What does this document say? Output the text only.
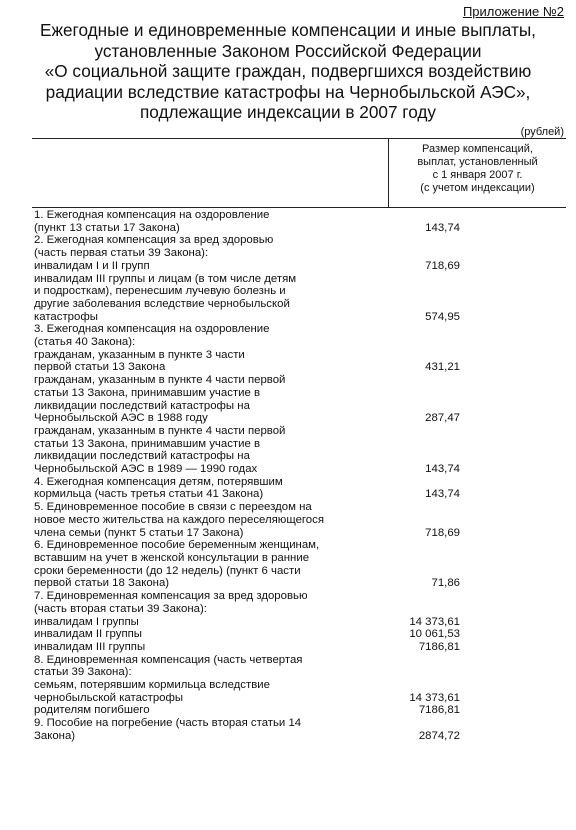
Приложение №2
Ежегодные и единовременные компенсации и иные выплаты,
установленные Законом Российской Федерации
«О социальной защите граждан, подвергшихся воздействию
радиации вследствие катастрофы на Чернобыльской АЭС»,
подлежащие индексации в 2007 году
(рублей)
Размер компенсаций,
выплат, установленный
с 1 января 2007 г.
(с учетом индексации)
1. Ежегодная компенсация на оздоровление
(пункт 13 статьи 17 Закона)	143,74
2. Ежегодная компенсация за вред здоровью
(часть первая статьи 39 Закона):
инвалидам I и II групп	718,69
инвалидам III группы и лицам (в том числе детям
и подросткам), перенесшим лучевую болезнь и
другие заболевания вследствие чернобыльской
катастрофы	574,95
3. Ежегодная компенсация на оздоровление
(статья 40 Закона):
гражданам, указанным в пункте 3 части
первой статьи 13 Закона	431,21
гражданам, указанным в пункте 4 части первой
статьи 13 Закона, принимавшим участие в
ликвидации последствий катастрофы на
Чернобыльской АЭС в 1988 году	287,47
гражданам, указанным в пункте 4 части первой
статьи 13 Закона, принимавшим участие в
ликвидации последствий катастрофы на
Чернобыльской АЭС в 1989 — 1990 годах	143,74
4. Ежегодная компенсация детям, потерявшим
кормильца (часть третья статьи 41 Закона)	143,74
5. Единовременное пособие в связи с переездом на
новое место жительства на каждого переселяющегося
члена семьи (пункт 5 статьи 17 Закона)	718,69
6. Единовременное пособие беременным женщинам,
вставшим на учет в женской консультации в ранние
сроки беременности (до 12 недель) (пункт 6 части
первой статьи 18 Закона)	71,86
7. Единовременная компенсация за вред здоровью
(часть вторая статьи 39 Закона):
инвалидам I группы	14 373,61
инвалидам II группы	10 061,53
инвалидам III группы	7186,81
8. Единовременная компенсация (часть четвертая
статьи 39 Закона):
семьям, потерявшим кормильца вследствие
чернобыльской катастрофы	14 373,61
родителям погибшего	7186,81
9. Пособие на погребение (часть вторая статьи 14
Закона)	2874,72
